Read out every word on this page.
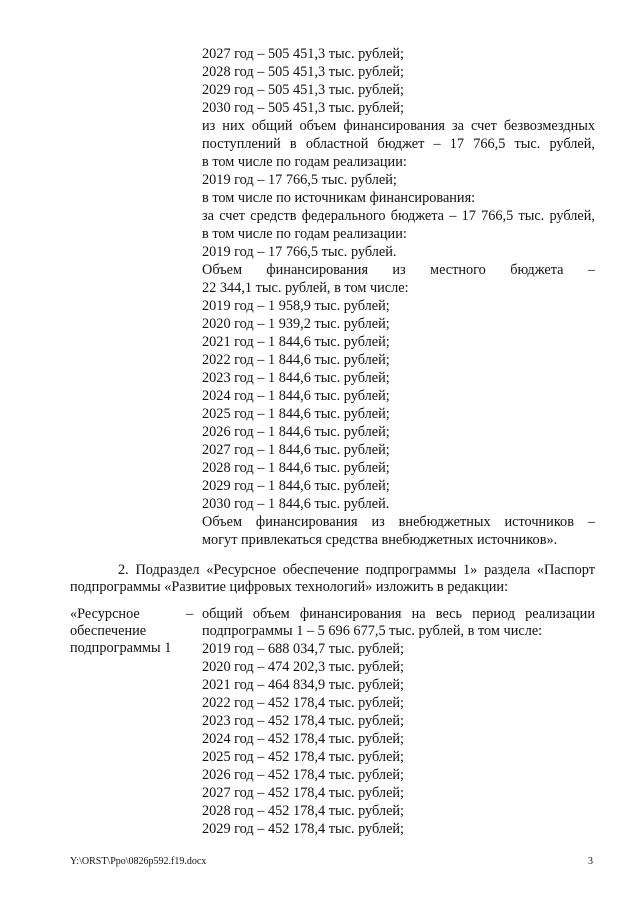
2027 год – 505 451,3 тыс. рублей;
2028 год – 505 451,3 тыс. рублей;
2029 год – 505 451,3 тыс. рублей;
2030 год – 505 451,3 тыс. рублей;
из них общий объем финансирования за счет безвозмездных
поступлений в областной бюджет – 17 766,5 тыс. рублей,
в том числе по годам реализации:
2019 год – 17 766,5 тыс. рублей;
в том числе по источникам финансирования:
за счет средств федерального бюджета – 17 766,5 тыс. рублей,
в том числе по годам реализации:
2019 год – 17 766,5 тыс. рублей.
Объем финансирования из местного бюджета –
22 344,1 тыс. рублей, в том числе:
2019 год – 1 958,9 тыс. рублей;
2020 год – 1 939,2 тыс. рублей;
2021 год – 1 844,6 тыс. рублей;
2022 год – 1 844,6 тыс. рублей;
2023 год – 1 844,6 тыс. рублей;
2024 год – 1 844,6 тыс. рублей;
2025 год – 1 844,6 тыс. рублей;
2026 год – 1 844,6 тыс. рублей;
2027 год – 1 844,6 тыс. рублей;
2028 год – 1 844,6 тыс. рублей;
2029 год – 1 844,6 тыс. рублей;
2030 год – 1 844,6 тыс. рублей.
Объем финансирования из внебюджетных источников –
могут привлекаться средства внебюджетных источников».
2. Подраздел «Ресурсное обеспечение подпрограммы 1» раздела «Паспорт
подпрограммы «Развитие цифровых технологий» изложить в редакции:
«Ресурсное
обеспечение
подпрограммы 1
– общий объем финансирования на весь период реализации
подпрограммы 1 – 5 696 677,5 тыс. рублей, в том числе:
2019 год – 688 034,7 тыс. рублей;
2020 год – 474 202,3 тыс. рублей;
2021 год – 464 834,9 тыс. рублей;
2022 год – 452 178,4 тыс. рублей;
2023 год – 452 178,4 тыс. рублей;
2024 год – 452 178,4 тыс. рублей;
2025 год – 452 178,4 тыс. рублей;
2026 год – 452 178,4 тыс. рублей;
2027 год – 452 178,4 тыс. рублей;
2028 год – 452 178,4 тыс. рублей;
2029 год – 452 178,4 тыс. рублей;
Y:\ORST\Ppo\0826p592.f19.docx	3
